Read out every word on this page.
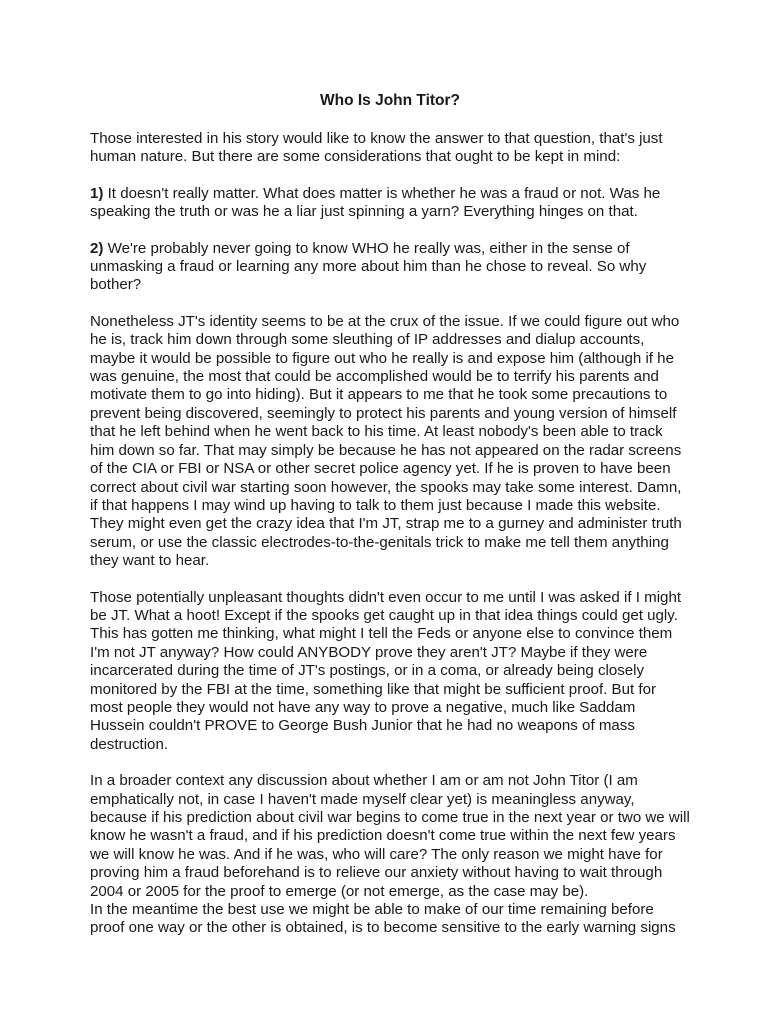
Who Is John Titor?

Those interested in his story would like to know the answer to that question, that's just human nature. But there are some considerations that ought to be kept in mind:

1) It doesn't really matter. What does matter is whether he was a fraud or not. Was he speaking the truth or was he a liar just spinning a yarn? Everything hinges on that.

2) We're probably never going to know WHO he really was, either in the sense of unmasking a fraud or learning any more about him than he chose to reveal. So why bother?

Nonetheless JT's identity seems to be at the crux of the issue. If we could figure out who he is, track him down through some sleuthing of IP addresses and dialup accounts, maybe it would be possible to figure out who he really is and expose him (although if he was genuine, the most that could be accomplished would be to terrify his parents and motivate them to go into hiding). But it appears to me that he took some precautions to prevent being discovered, seemingly to protect his parents and young version of himself that he left behind when he went back to his time. At least nobody's been able to track him down so far. That may simply be because he has not appeared on the radar screens of the CIA or FBI or NSA or other secret police agency yet. If he is proven to have been correct about civil war starting soon however, the spooks may take some interest. Damn, if that happens I may wind up having to talk to them just because I made this website. They might even get the crazy idea that I'm JT, strap me to a gurney and administer truth serum, or use the classic electrodes-to-the-genitals trick to make me tell them anything they want to hear.

Those potentially unpleasant thoughts didn't even occur to me until I was asked if I might be JT. What a hoot! Except if the spooks get caught up in that idea things could get ugly. This has gotten me thinking, what might I tell the Feds or anyone else to convince them I'm not JT anyway? How could ANYBODY prove they aren't JT? Maybe if they were incarcerated during the time of JT's postings, or in a coma, or already being closely monitored by the FBI at the time, something like that might be sufficient proof. But for most people they would not have any way to prove a negative, much like Saddam Hussein couldn't PROVE to George Bush Junior that he had no weapons of mass destruction.

In a broader context any discussion about whether I am or am not John Titor (I am emphatically not, in case I haven't made myself clear yet) is meaningless anyway, because if his prediction about civil war begins to come true in the next year or two we will know he wasn't a fraud, and if his prediction doesn't come true within the next few years we will know he was. And if he was, who will care? The only reason we might have for proving him a fraud beforehand is to relieve our anxiety without having to wait through 2004 or 2005 for the proof to emerge (or not emerge, as the case may be).

In the meantime the best use we might be able to make of our time remaining before proof one way or the other is obtained, is to become sensitive to the early warning signs
